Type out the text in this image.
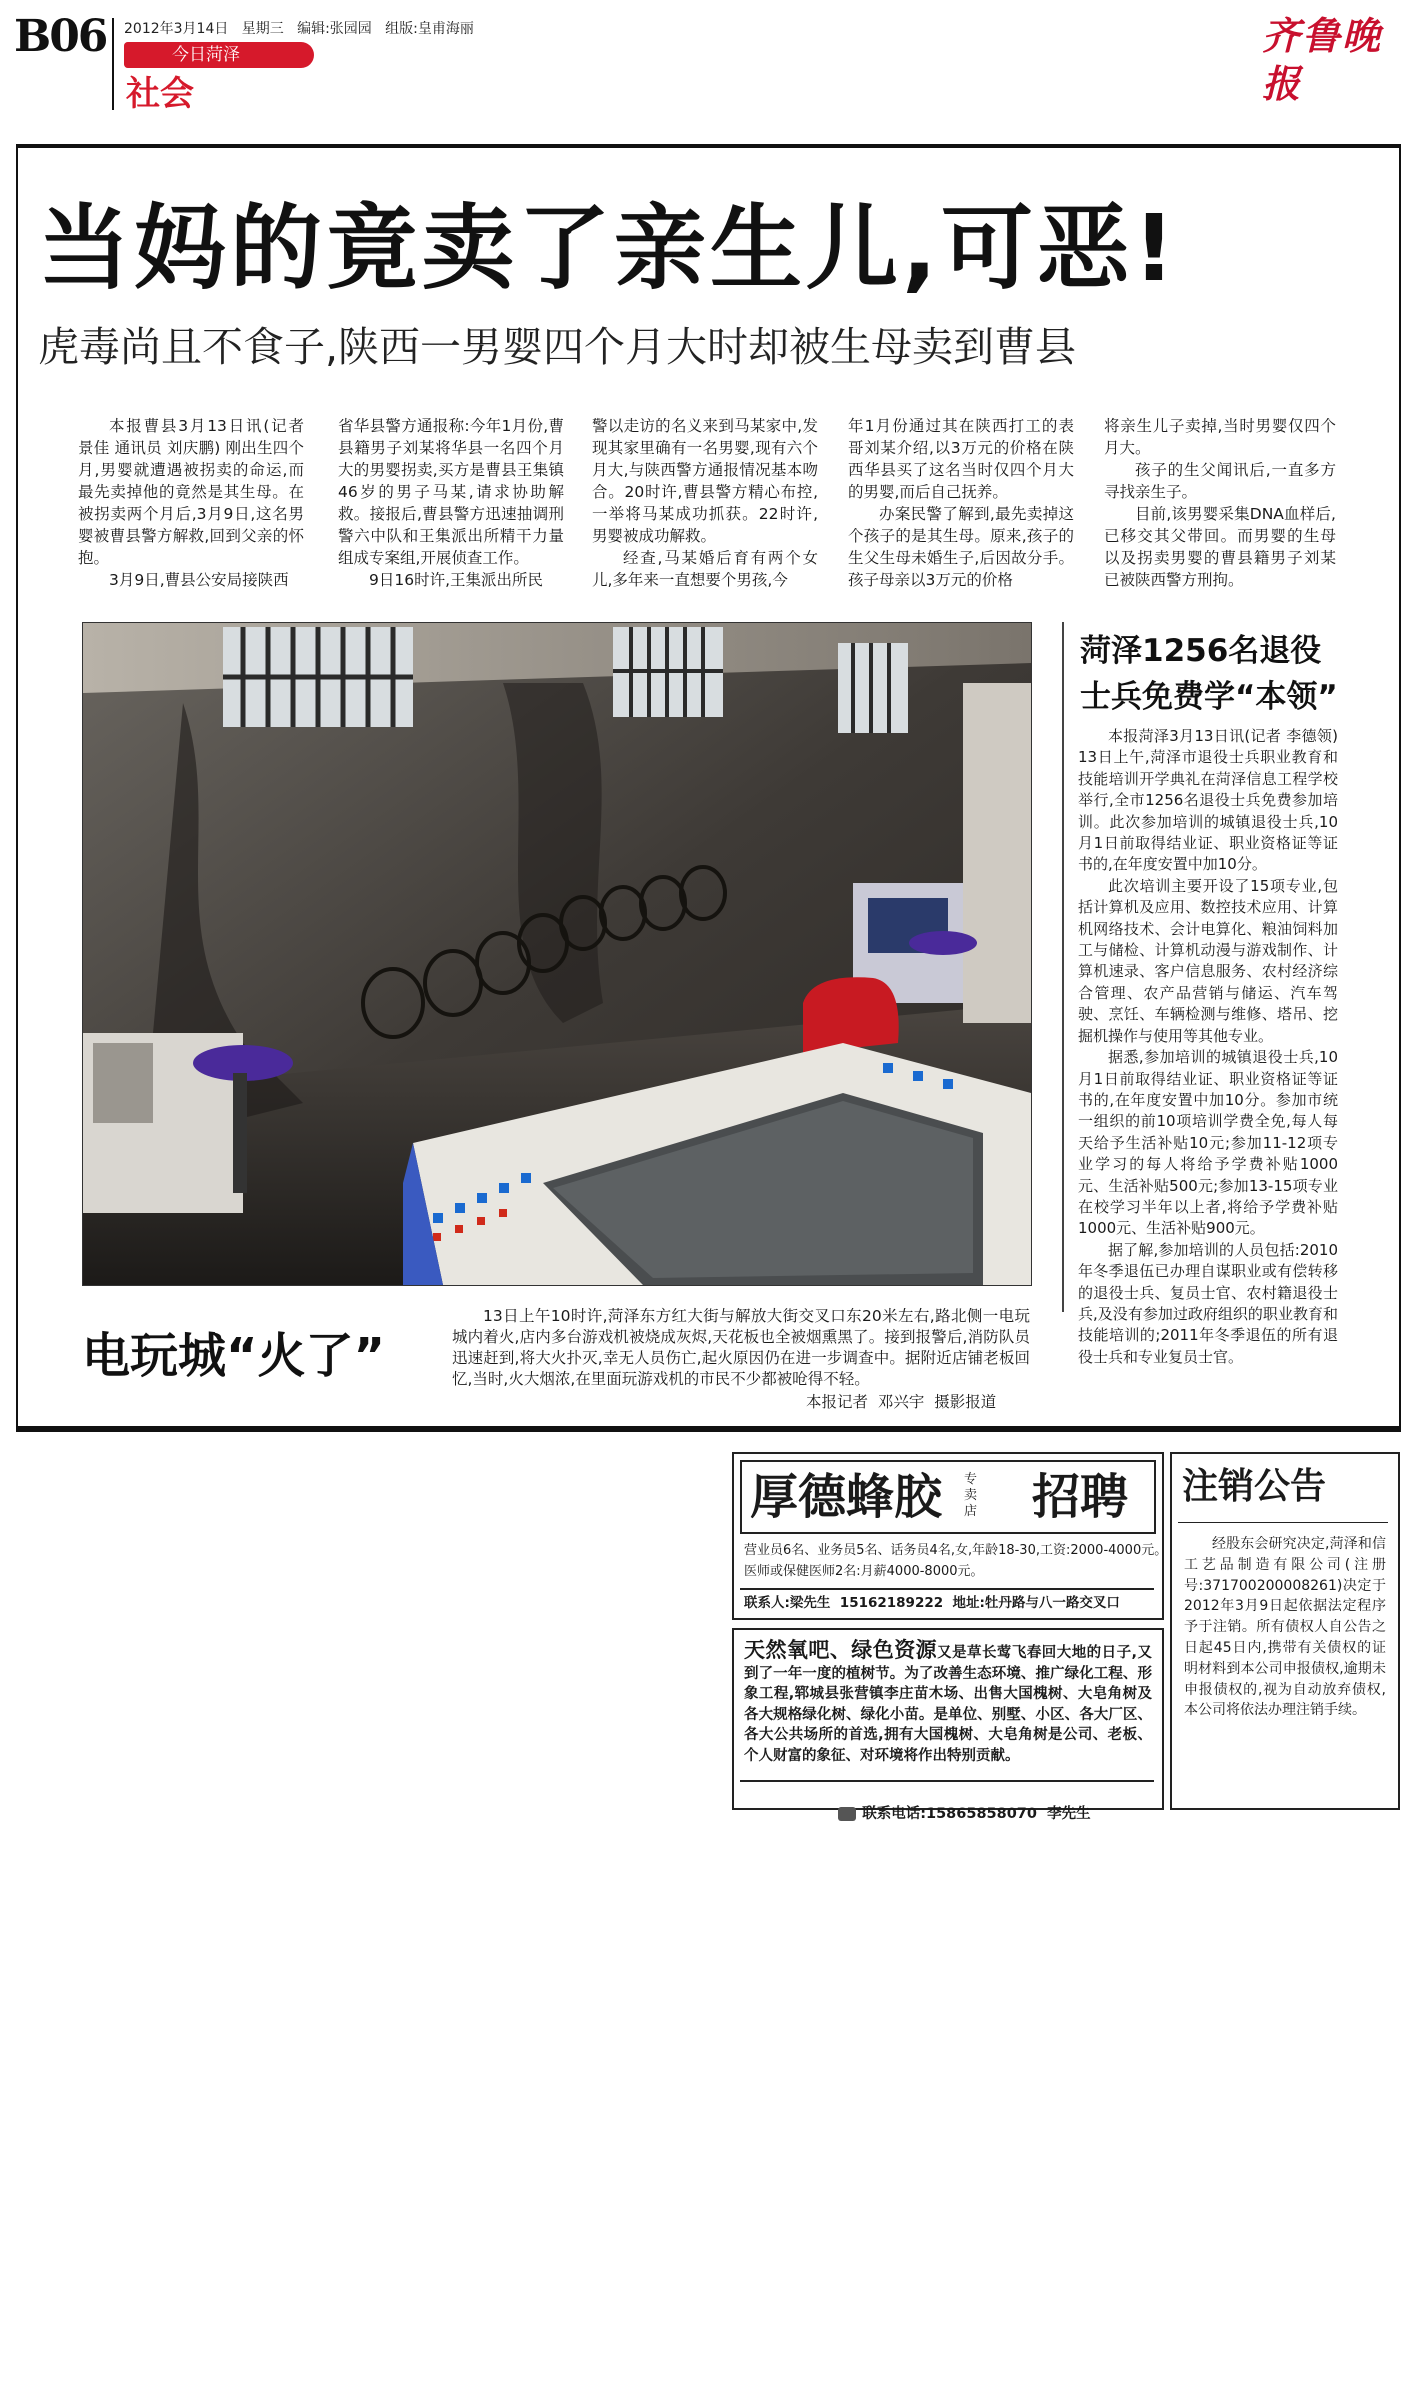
B06 2012年3月14日 星期三 编辑:张园园 组版:皇甫海丽
今日菏泽
社会
齐鲁晚报
当妈的竟卖了亲生儿,可恶!
虎毒尚且不食子,陕西一男婴四个月大时却被生母卖到曹县

本报曹县3月13日讯(记者 景佳 通讯员 刘庆鹏) 刚出生四个月,男婴就遭遇被拐卖的命运,而最先卖掉他的竟然是其生母。在被拐卖两个月后,3月9日,这名男婴被曹县警方解救,回到父亲的怀抱。

3月9日,曹县公安局接陕西

省华县警方通报称:今年1月份,曹县籍男子刘某将华县一名四个月大的男婴拐卖,买方是曹县王集镇46岁的男子马某,请求协助解救。接报后,曹县警方迅速抽调刑警六中队和王集派出所精干力量组成专案组,开展侦查工作。

9日16时许,王集派出所民

警以走访的名义来到马某家中,发现其家里确有一名男婴,现有六个月大,与陕西警方通报情况基本吻合。20时许,曹县警方精心布控,一举将马某成功抓获。22时许,男婴被成功解救。

经查,马某婚后育有两个女儿,多年来一直想要个男孩,今

年1月份通过其在陕西打工的表哥刘某介绍,以3万元的价格在陕西华县买了这名当时仅四个月大的男婴,而后自己抚养。

办案民警了解到,最先卖掉这个孩子的是其生母。原来,孩子的生父生母未婚生子,后因故分手。孩子母亲以3万元的价格

将亲生儿子卖掉,当时男婴仅四个月大。

孩子的生父闻讯后,一直多方寻找亲生子。

目前,该男婴采集DNA血样后,已移交其父带回。而男婴的生母以及拐卖男婴的曹县籍男子刘某已被陕西警方刑拘。

电玩城“火了”

13日上午10时许,菏泽东方红大街与解放大街交叉口东20米左右,路北侧一电玩城内着火,店内多台游戏机被烧成灰烬,天花板也全被烟熏黑了。接到报警后,消防队员迅速赶到,将大火扑灭,幸无人员伤亡,起火原因仍在进一步调查中。据附近店铺老板回忆,当时,火大烟浓,在里面玩游戏机的市民不少都被呛得不轻。

本报记者  邓兴宇  摄影报道
菏泽1256名退役
士兵免费学“本领”

本报菏泽3月13日讯(记者 李德领) 13日上午,菏泽市退役士兵职业教育和技能培训开学典礼在菏泽信息工程学校举行,全市1256名退役士兵免费参加培训。此次参加培训的城镇退役士兵,10月1日前取得结业证、职业资格证等证书的,在年度安置中加10分。

此次培训主要开设了15项专业,包括计算机及应用、数控技术应用、计算机网络技术、会计电算化、粮油饲料加工与储检、计算机动漫与游戏制作、计算机速录、客户信息服务、农村经济综合管理、农产品营销与储运、汽车驾驶、烹饪、车辆检测与维修、塔吊、挖掘机操作与使用等其他专业。

据悉,参加培训的城镇退役士兵,10月1日前取得结业证、职业资格证等证书的,在年度安置中加10分。参加市统一组织的前10项培训学费全免,每人每天给予生活补贴10元;参加11-12项专业学习的每人将给予学费补贴1000元、生活补贴500元;参加13-15项专业在校学习半年以上者,将给予学费补贴1000元、生活补贴900元。

据了解,参加培训的人员包括:2010年冬季退伍已办理自谋职业或有偿转移的退役士兵、复员士官、农村籍退役士兵,及没有参加过政府组织的职业教育和技能培训的;2011年冬季退伍的所有退役士兵和专业复员士官。

厚德蜂胶 专卖 店 招聘
营业员6名、业务员5名、话务员4名,女,年龄18-30,工资:2000-4000元。
医师或保健医师2名:月薪4000-8000元。
联系人:梁先生  15162189222  地址:牡丹路与八一路交叉口
天然氧吧、绿色资源又是草长莺飞春回大地的日子,又到了一年一度的植树节。为了改善生态环境、推广绿化工程、形象工程,郓城县张营镇李庄苗木场、出售大国槐树、大皂角树及各大规格绿化树、绿化小苗。是单位、别墅、小区、各大厂区、各大公共场所的首选,拥有大国槐树、大皂角树是公司、老板、个人财富的象征、对环境将作出特别贡献。

联系电话:15865858070  李先生

注销公告

经股东会研究决定,菏泽和信工艺品制造有限公司(注册号:371700200008261)决定于2012年3月9日起依据法定程序予于注销。所有债权人自公告之日起45日内,携带有关债权的证明材料到本公司申报债权,逾期未申报债权的,视为自动放弃债权,本公司将依法办理注销手续。
